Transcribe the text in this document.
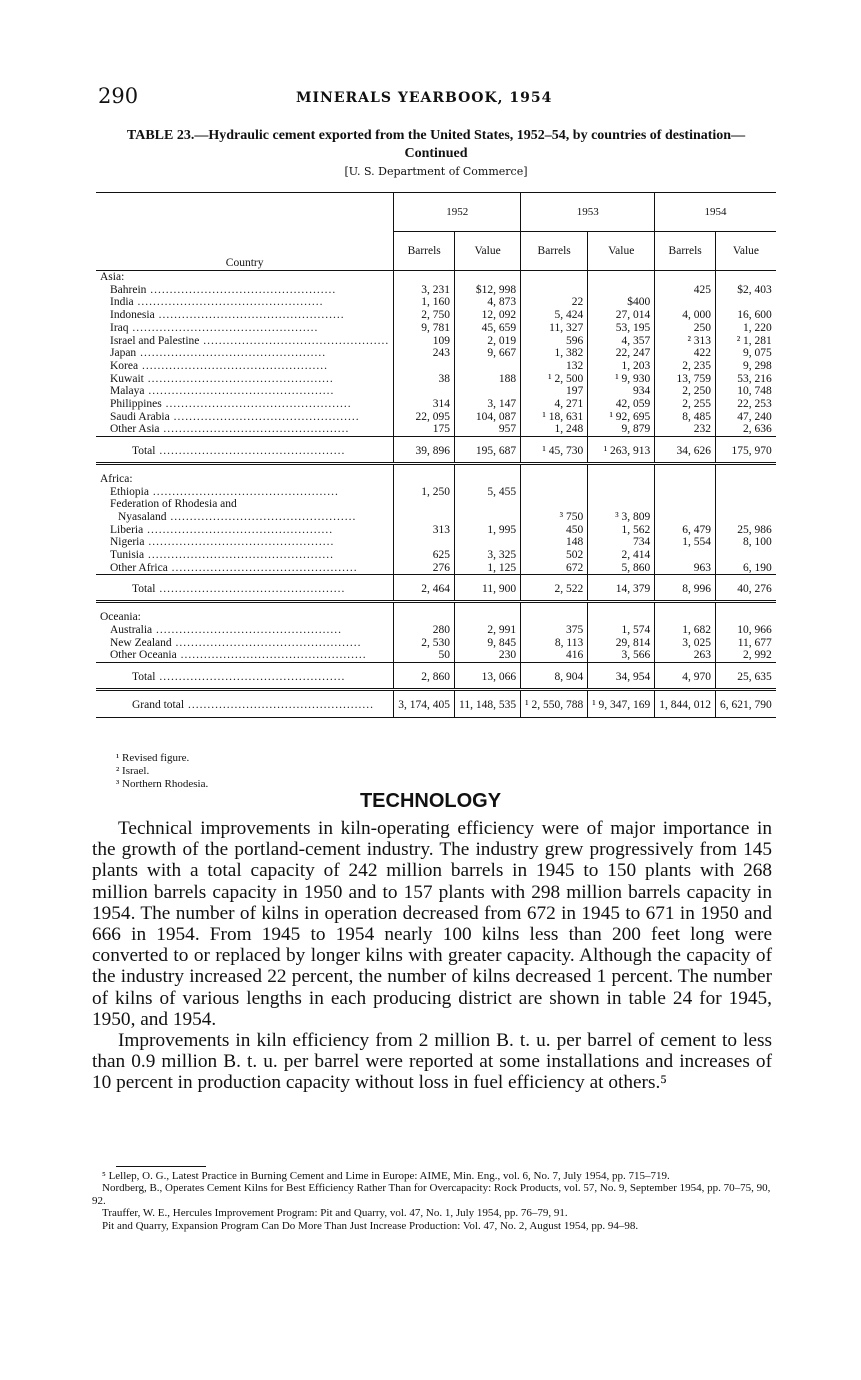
290	MINERALS YEARBOOK, 1954
TABLE 23.—Hydraulic cement exported from the United States, 1952–54, by countries of destination—Continued
[U. S. Department of Commerce]
Country	1952		1953		1954	
	Barrels	Value	Barrels	Value	Barrels	Value
Asia:						

Bahrein .....	3, 231	$12, 998			425	$2, 403

India .....	1, 160	4, 873	22	$400		

Indonesia .....	2, 750	12, 092	5, 424	27, 014	4, 000	16, 600

Iraq .....	9, 781	45, 659	11, 327	53, 195	250	1, 220

Israel and Palestine .....	109	2, 019	596	4, 357	² 313	² 1, 281

Japan .....	243	9, 667	1, 382	22, 247	422	9, 075

Korea .....			132	1, 203	2, 235	9, 298

Kuwait .....	38	188	¹ 2, 500	¹ 9, 930	13, 759	53, 216

Malaya .....			197	934	2, 250	10, 748

Philippines .....	314	3, 147	4, 271	42, 059	2, 255	22, 253

Saudi Arabia .....	22, 095	104, 087	¹ 18, 631	¹ 92, 695	8, 485	47, 240

Other Asia .....	175	957	1, 248	9, 879	232	2, 636

Total .....	39, 896	195, 687	¹ 45, 730	¹ 263, 913	34, 626	175, 970

Africa:						

Ethiopia .....	1, 250	5, 455				
Federation of Rhodesia and						

Nyasaland .....			³ 750	³ 3, 809		

Liberia .....	313	1, 995	450	1, 562	6, 479	25, 986

Nigeria .....			148	734	1, 554	8, 100

Tunisia .....	625	3, 325	502	2, 414		

Other Africa .....	276	1, 125	672	5, 860	963	6, 190

Total .....	2, 464	11, 900	2, 522	14, 379	8, 996	40, 276

Oceania:						

Australia .....	280	2, 991	375	1, 574	1, 682	10, 966

New Zealand .....	2, 530	9, 845	8, 113	29, 814	3, 025	11, 677

Other Oceania .....	50	230	416	3, 566	263	2, 992

Total .....	2, 860	13, 066	8, 904	34, 954	4, 970	25, 635

Grand total .....	3, 174, 405	11, 148, 535	¹ 2, 550, 788	¹ 9, 347, 169	1, 844, 012	6, 621, 790
¹ Revised figure.
² Israel.
³ Northern Rhodesia.
TECHNOLOGY

Technical improvements in kiln-operating efficiency were of major importance in the growth of the portland-cement industry. The industry grew progressively from 145 plants with a total capacity of 242 million barrels in 1945 to 150 plants with 268 million barrels capacity in 1950 and to 157 plants with 298 million barrels capacity in 1954. The number of kilns in operation decreased from 672 in 1945 to 671 in 1950 and 666 in 1954. From 1945 to 1954 nearly 100 kilns less than 200 feet long were converted to or replaced by longer kilns with greater capacity. Although the capacity of the industry increased 22 percent, the number of kilns decreased 1 percent. The number of kilns of various lengths in each producing district are shown in table 24 for 1945, 1950, and 1954.

Improvements in kiln efficiency from 2 million B. t. u. per barrel of cement to less than 0.9 million B. t. u. per barrel were reported at some installations and increases of 10 percent in production capacity without loss in fuel efficiency at others.⁵

⁵ Lellep, O. G., Latest Practice in Burning Cement and Lime in Europe: AIME, Min. Eng., vol. 6, No. 7, July 1954, pp. 715–719.

Nordberg, B., Operates Cement Kilns for Best Efficiency Rather Than for Overcapacity: Rock Products, vol. 57, No. 9, September 1954, pp. 70–75, 90, 92.

Trauffer, W. E., Hercules Improvement Program: Pit and Quarry, vol. 47, No. 1, July 1954, pp. 76–79, 91.

Pit and Quarry, Expansion Program Can Do More Than Just Increase Production: Vol. 47, No. 2, August 1954, pp. 94–98.
